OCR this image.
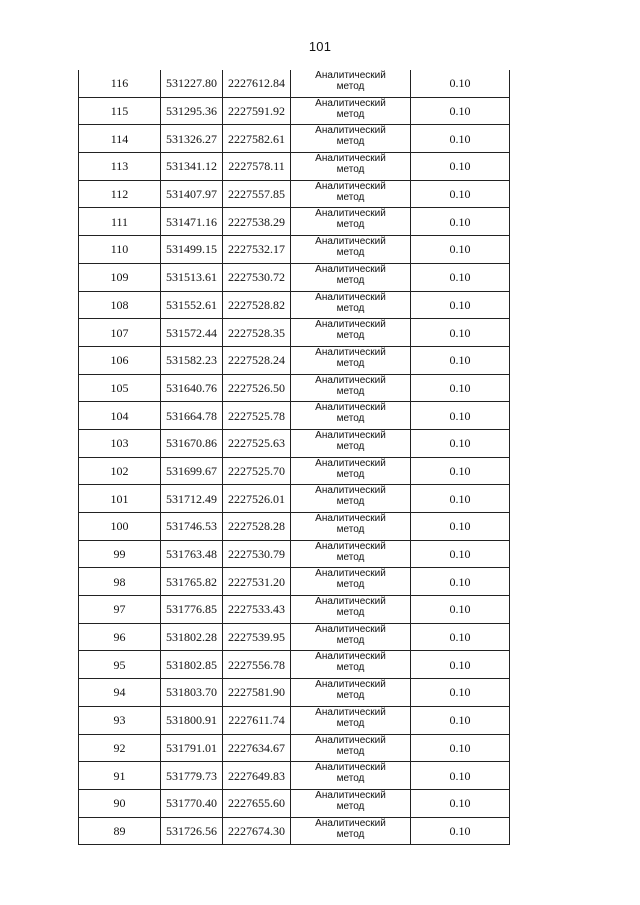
101
116	531227.80	2227612.84	Аналитический
метод	0.10
115	531295.36	2227591.92	Аналитический
метод	0.10
114	531326.27	2227582.61	Аналитический
метод	0.10
113	531341.12	2227578.11	Аналитический
метод	0.10
112	531407.97	2227557.85	Аналитический
метод	0.10
111	531471.16	2227538.29	Аналитический
метод	0.10
110	531499.15	2227532.17	Аналитический
метод	0.10
109	531513.61	2227530.72	Аналитический
метод	0.10
108	531552.61	2227528.82	Аналитический
метод	0.10
107	531572.44	2227528.35	Аналитический
метод	0.10
106	531582.23	2227528.24	Аналитический
метод	0.10
105	531640.76	2227526.50	Аналитический
метод	0.10
104	531664.78	2227525.78	Аналитический
метод	0.10
103	531670.86	2227525.63	Аналитический
метод	0.10
102	531699.67	2227525.70	Аналитический
метод	0.10
101	531712.49	2227526.01	Аналитический
метод	0.10
100	531746.53	2227528.28	Аналитический
метод	0.10
99	531763.48	2227530.79	Аналитический
метод	0.10
98	531765.82	2227531.20	Аналитический
метод	0.10
97	531776.85	2227533.43	Аналитический
метод	0.10
96	531802.28	2227539.95	Аналитический
метод	0.10
95	531802.85	2227556.78	Аналитический
метод	0.10
94	531803.70	2227581.90	Аналитический
метод	0.10
93	531800.91	2227611.74	Аналитический
метод	0.10
92	531791.01	2227634.67	Аналитический
метод	0.10
91	531779.73	2227649.83	Аналитический
метод	0.10
90	531770.40	2227655.60	Аналитический
метод	0.10
89	531726.56	2227674.30	Аналитический
метод	0.10
